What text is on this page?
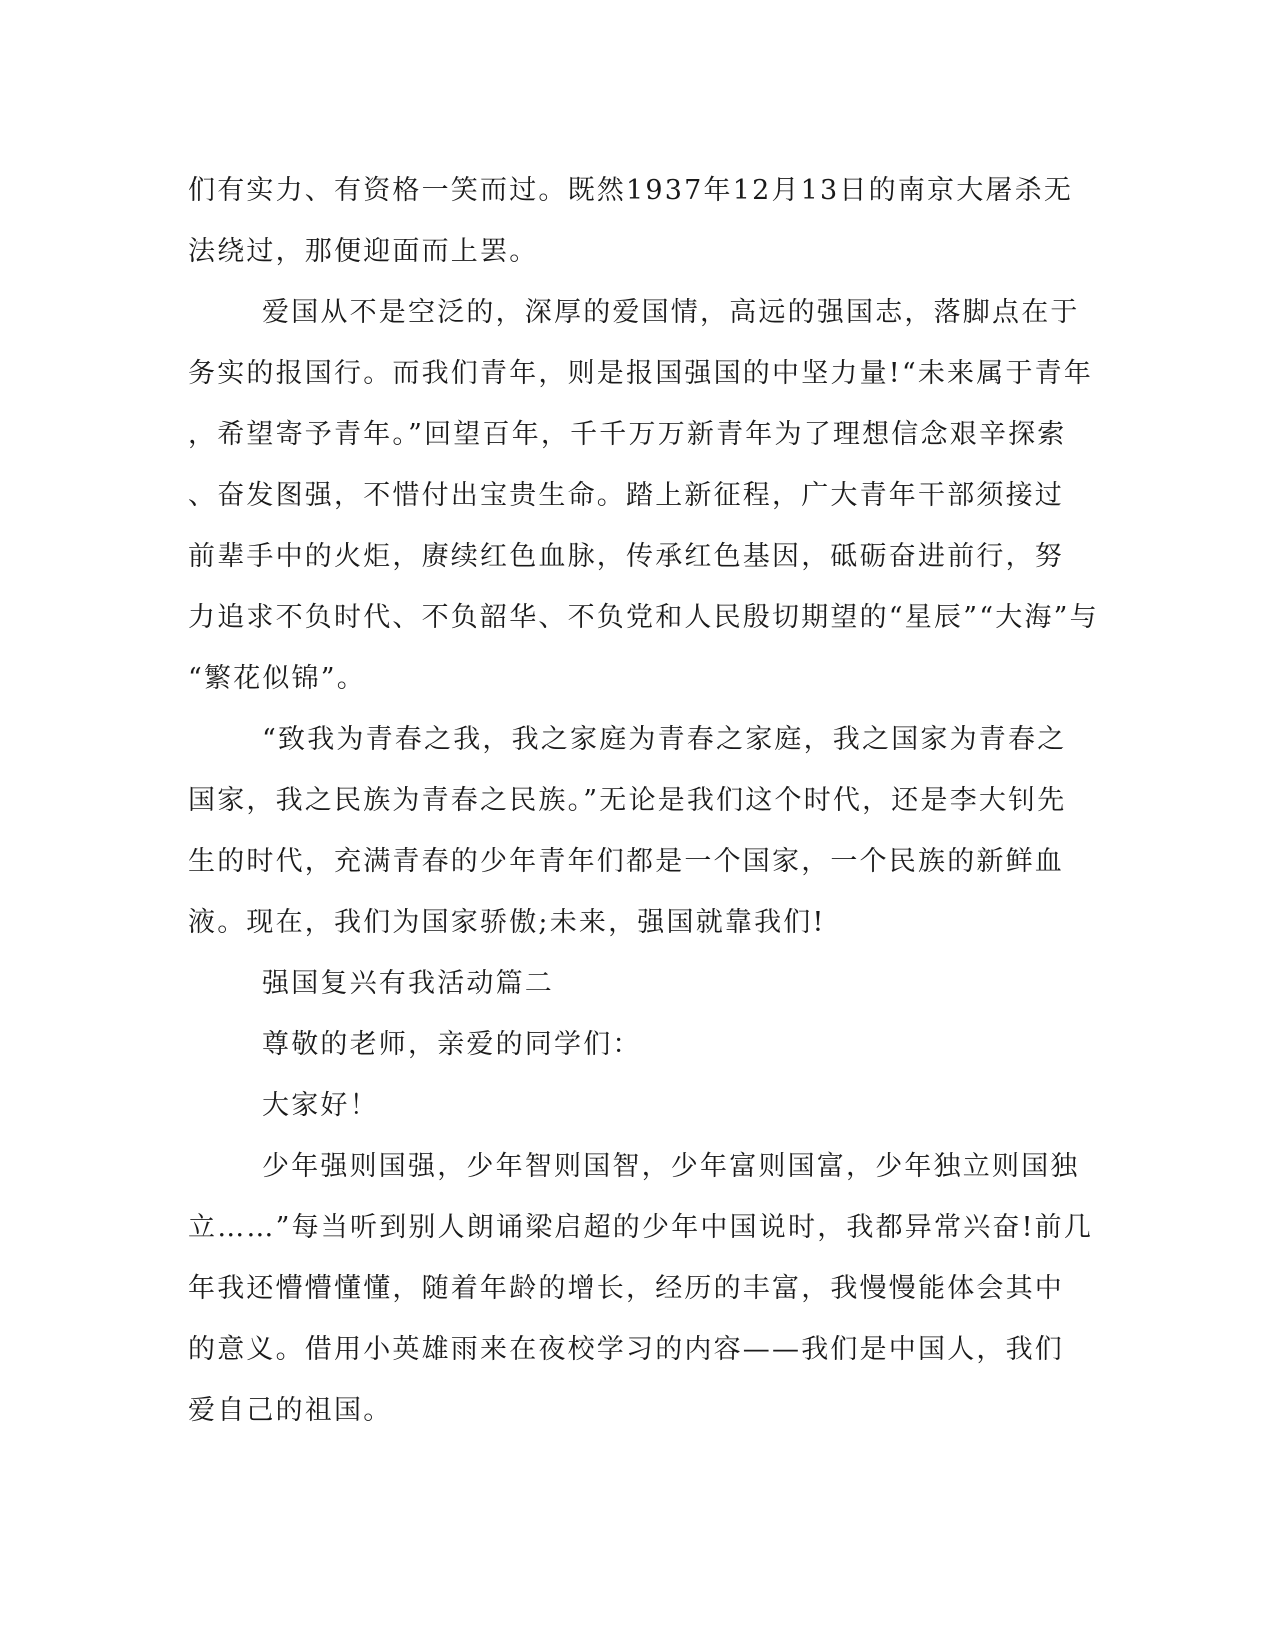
们有实力、有资格一笑而过。既然1937年12月13日的南京大屠杀无
法绕过，那便迎面而上罢。
爱国从不是空泛的，深厚的爱国情，高远的强国志，落脚点在于
务实的报国行。而我们青年，则是报国强国的中坚力量!“未来属于青年
，希望寄予青年。”回望百年，千千万万新青年为了理想信念艰辛探索
、奋发图强，不惜付出宝贵生命。踏上新征程，广大青年干部须接过
前辈手中的火炬，赓续红色血脉，传承红色基因，砥砺奋进前行，努
力追求不负时代、不负韶华、不负党和人民殷切期望的“星辰”“大海”与
“繁花似锦”。
“致我为青春之我，我之家庭为青春之家庭，我之国家为青春之
国家，我之民族为青春之民族。”无论是我们这个时代，还是李大钊先
生的时代，充满青春的少年青年们都是一个国家，一个民族的新鲜血
液。现在，我们为国家骄傲;未来，强国就靠我们!
强国复兴有我活动篇二
尊敬的老师，亲爱的同学们：
大家好！
少年强则国强，少年智则国智，少年富则国富，少年独立则国独
立……”每当听到别人朗诵梁启超的少年中国说时，我都异常兴奋!前几
年我还懵懵懂懂，随着年龄的增长，经历的丰富，我慢慢能体会其中
的意义。借用小英雄雨来在夜校学习的内容——我们是中国人，我们
爱自己的祖国。
